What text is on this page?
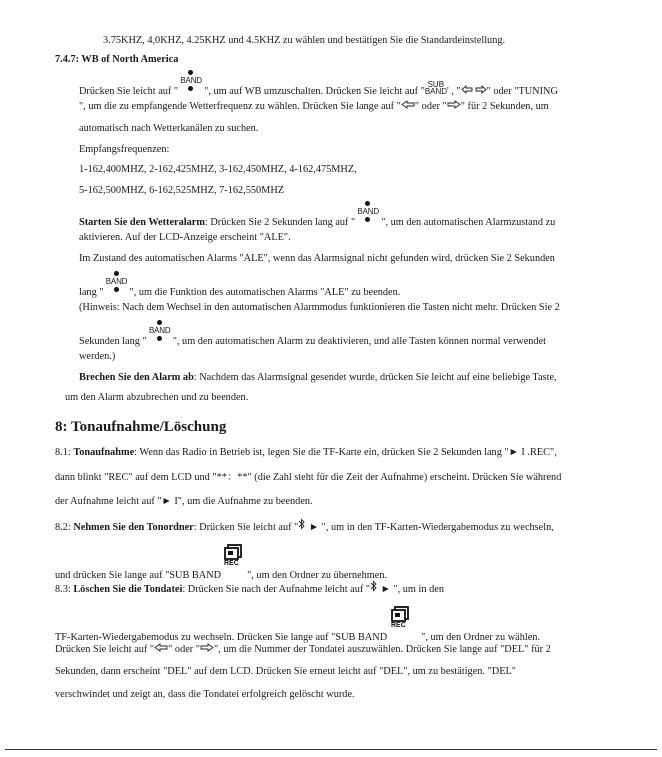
3.75KHZ, 4,0KHZ, 4.25KHZ und 4.5KHZ zu wählen und bestätigen Sie die Standardeinstellung.
7.4.7: WB of North America
Drücken Sie leicht auf "
BAND
", um auf WB umzuschalten. Drücken Sie leicht auf "
SUB
BAND ' , "	" oder "TUNING
", um die zu empfangende Wetterfrequenz zu wählen. Drücken Sie lange auf " " oder " " für 2 Sekunden, um
automatisch nach Wetterkanälen zu suchen.
Empfangsfrequenzen:
1-162,400MHZ, 2-162,425MHZ, 3-162,450MHZ, 4-162,475MHZ,
5-162,500MHZ, 6-162,525MHZ, 7-162,550MHZ
Starten Sie den Wetteralarm: Drücken Sie 2 Sekunden lang auf "
BAND
", um den automatischen Alarmzustand zu
aktivieren. Auf der LCD-Anzeige erscheint "ALE".
Im Zustand des automatischen Alarms "ALE", wenn das Alarmsignal nicht gefunden wird, drücken Sie 2 Sekunden
lang "
BAND
", um die Funktion des automatischen Alarms "ALE" zu beenden.
(Hinweis: Nach dem Wechsel in den automatischen Alarmmodus funktionieren die Tasten nicht mehr. Drücken Sie 2
Sekunden lang "
BAND
", um den automatischen Alarm zu deaktivieren, und alle Tasten können normal verwendet
werden.)
Brechen Sie den Alarm ab: Nachdem das Alarmsignal gesendet wurde, drücken Sie leicht auf eine beliebige Taste,
um den Alarm abzubrechen und zu beenden.
8: Tonaufnahme/Löschung
8.1: Tonaufnahme: Wenn das Radio in Betrieb ist, legen Sie die TF-Karte ein, drücken Sie 2 Sekunden lang "► I .REC",
dann blinkt "REC" auf dem LCD und "**：**" (die Zahl steht für die Zeit der Aufnahme) erscheint. Drücken Sie während
der Aufnahme leicht auf "► I", um die Aufnahme zu beenden.
8.2: Nehmen Sie den Tonordner: Drücken Sie leicht auf " ► ", um in den TF-Karten-Wiedergabemodus zu wechseln,
und drücken Sie lange auf "SUB BAND
REC
", um den Ordner zu übernehmen.
8.3: Löschen Sie die Tondatei: Drücken Sie nach der Aufnahme leicht auf " ► ", um in den
TF-Karten-Wiedergabemodus zu wechseln. Drücken Sie lange auf "SUB BAND
REC
", um den Ordner zu wählen.
Drücken Sie leicht auf " " oder " ", um die Nummer der Tondatei auszuwählen. Drücken Sie lange auf "DEL" für 2
Sekunden, dann erscheint "DEL" auf dem LCD. Drücken Sie erneut leicht auf "DEL", um zu bestätigen. "DEL"
verschwindet und zeigt an, dass die Tondatei erfolgreich gelöscht wurde.
